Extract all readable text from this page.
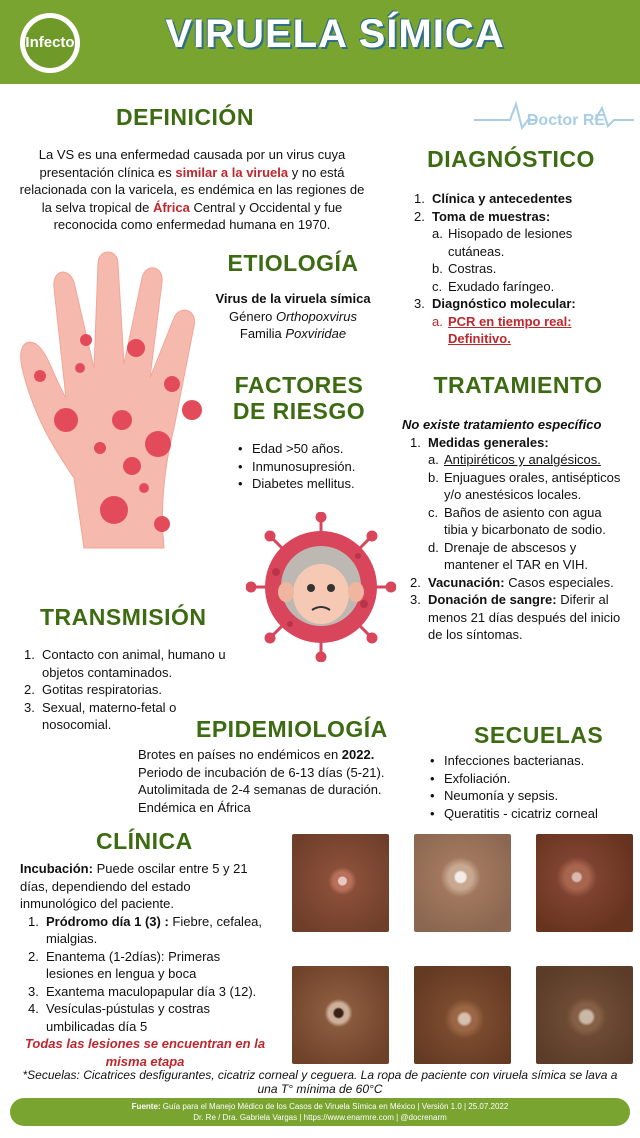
Infecto	VIRUELA SÍMICA
Doctor RE
DEFINICIÓN
La VS es una enfermedad causada por un virus cuya presentación clínica es similar a la viruela y no está relacionada con la varicela, es endémica en las regiones de la selva tropical de África Central y Occidental y fue reconocida como enfermedad humana en 1970.
DIAGNÓSTICO
1. Clínica y antecedentes
2. Toma de muestras:
a. Hisopado de lesiones cutáneas.
b. Costras.
c. Exudado faríngeo.
3. Diagnóstico molecular:
a. PCR en tiempo real: Definitivo.
ETIOLOGÍA
Virus de la viruela símica
Género Orthopoxvirus
Familia Poxviridae
FACTORES
DE RIESGO
• Edad >50 años.
• Inmunosupresión.
• Diabetes mellitus.
TRATAMIENTO
No existe tratamiento específico
1. Medidas generales:
a. Antipiréticos y analgésicos.
b. Enjuagues orales, antisépticos y/o anestésicos locales.
c. Baños de asiento con agua tibia y bicarbonato de sodio.
d. Drenaje de abscesos y mantener el TAR en VIH.
2. Vacunación: Casos especiales.
3. Donación de sangre: Diferir al menos 21 días después del inicio de los síntomas.
TRANSMISIÓN
1. Contacto con animal, humano u objetos contaminados.
2. Gotitas respiratorias.
3. Sexual, materno-fetal o nosocomial.	EPIDEMIOLOGÍA
Brotes en países no endémicos en 2022.
Periodo de incubación de 6-13 días (5-21).
Autolimitada de 2-4 semanas de duración.
Endémica en África
SECUELAS
• Infecciones bacterianas.
• Exfoliación.
• Neumonía y sepsis.
• Queratitis - cicatriz corneal
CLÍNICA
Incubación: Puede oscilar entre 5 y 21 días, dependiendo del estado inmunológico del paciente.
1. Pródromo día 1 (3) : Fiebre, cefalea, mialgias.
2. Enantema (1-2días): Primeras lesiones en lengua y boca
3. Exantema maculopapular día 3 (12).
4. Vesículas-pústulas y costras umbilicadas día 5
Todas las lesiones se encuentran en la misma etapa
*Secuelas: Cicatrices desfigurantes, cicatriz corneal y ceguera. La ropa de paciente con viruela símica se lava a una T° mínima de 60°C
Fuente: Guía para el Manejo Médico de los Casos de Viruela Símica en México | Versión 1.0 | 25.07.2022
Dr. Re / Dra. Gabriela Vargas | https://www.enarmre.com | @docrenarm
